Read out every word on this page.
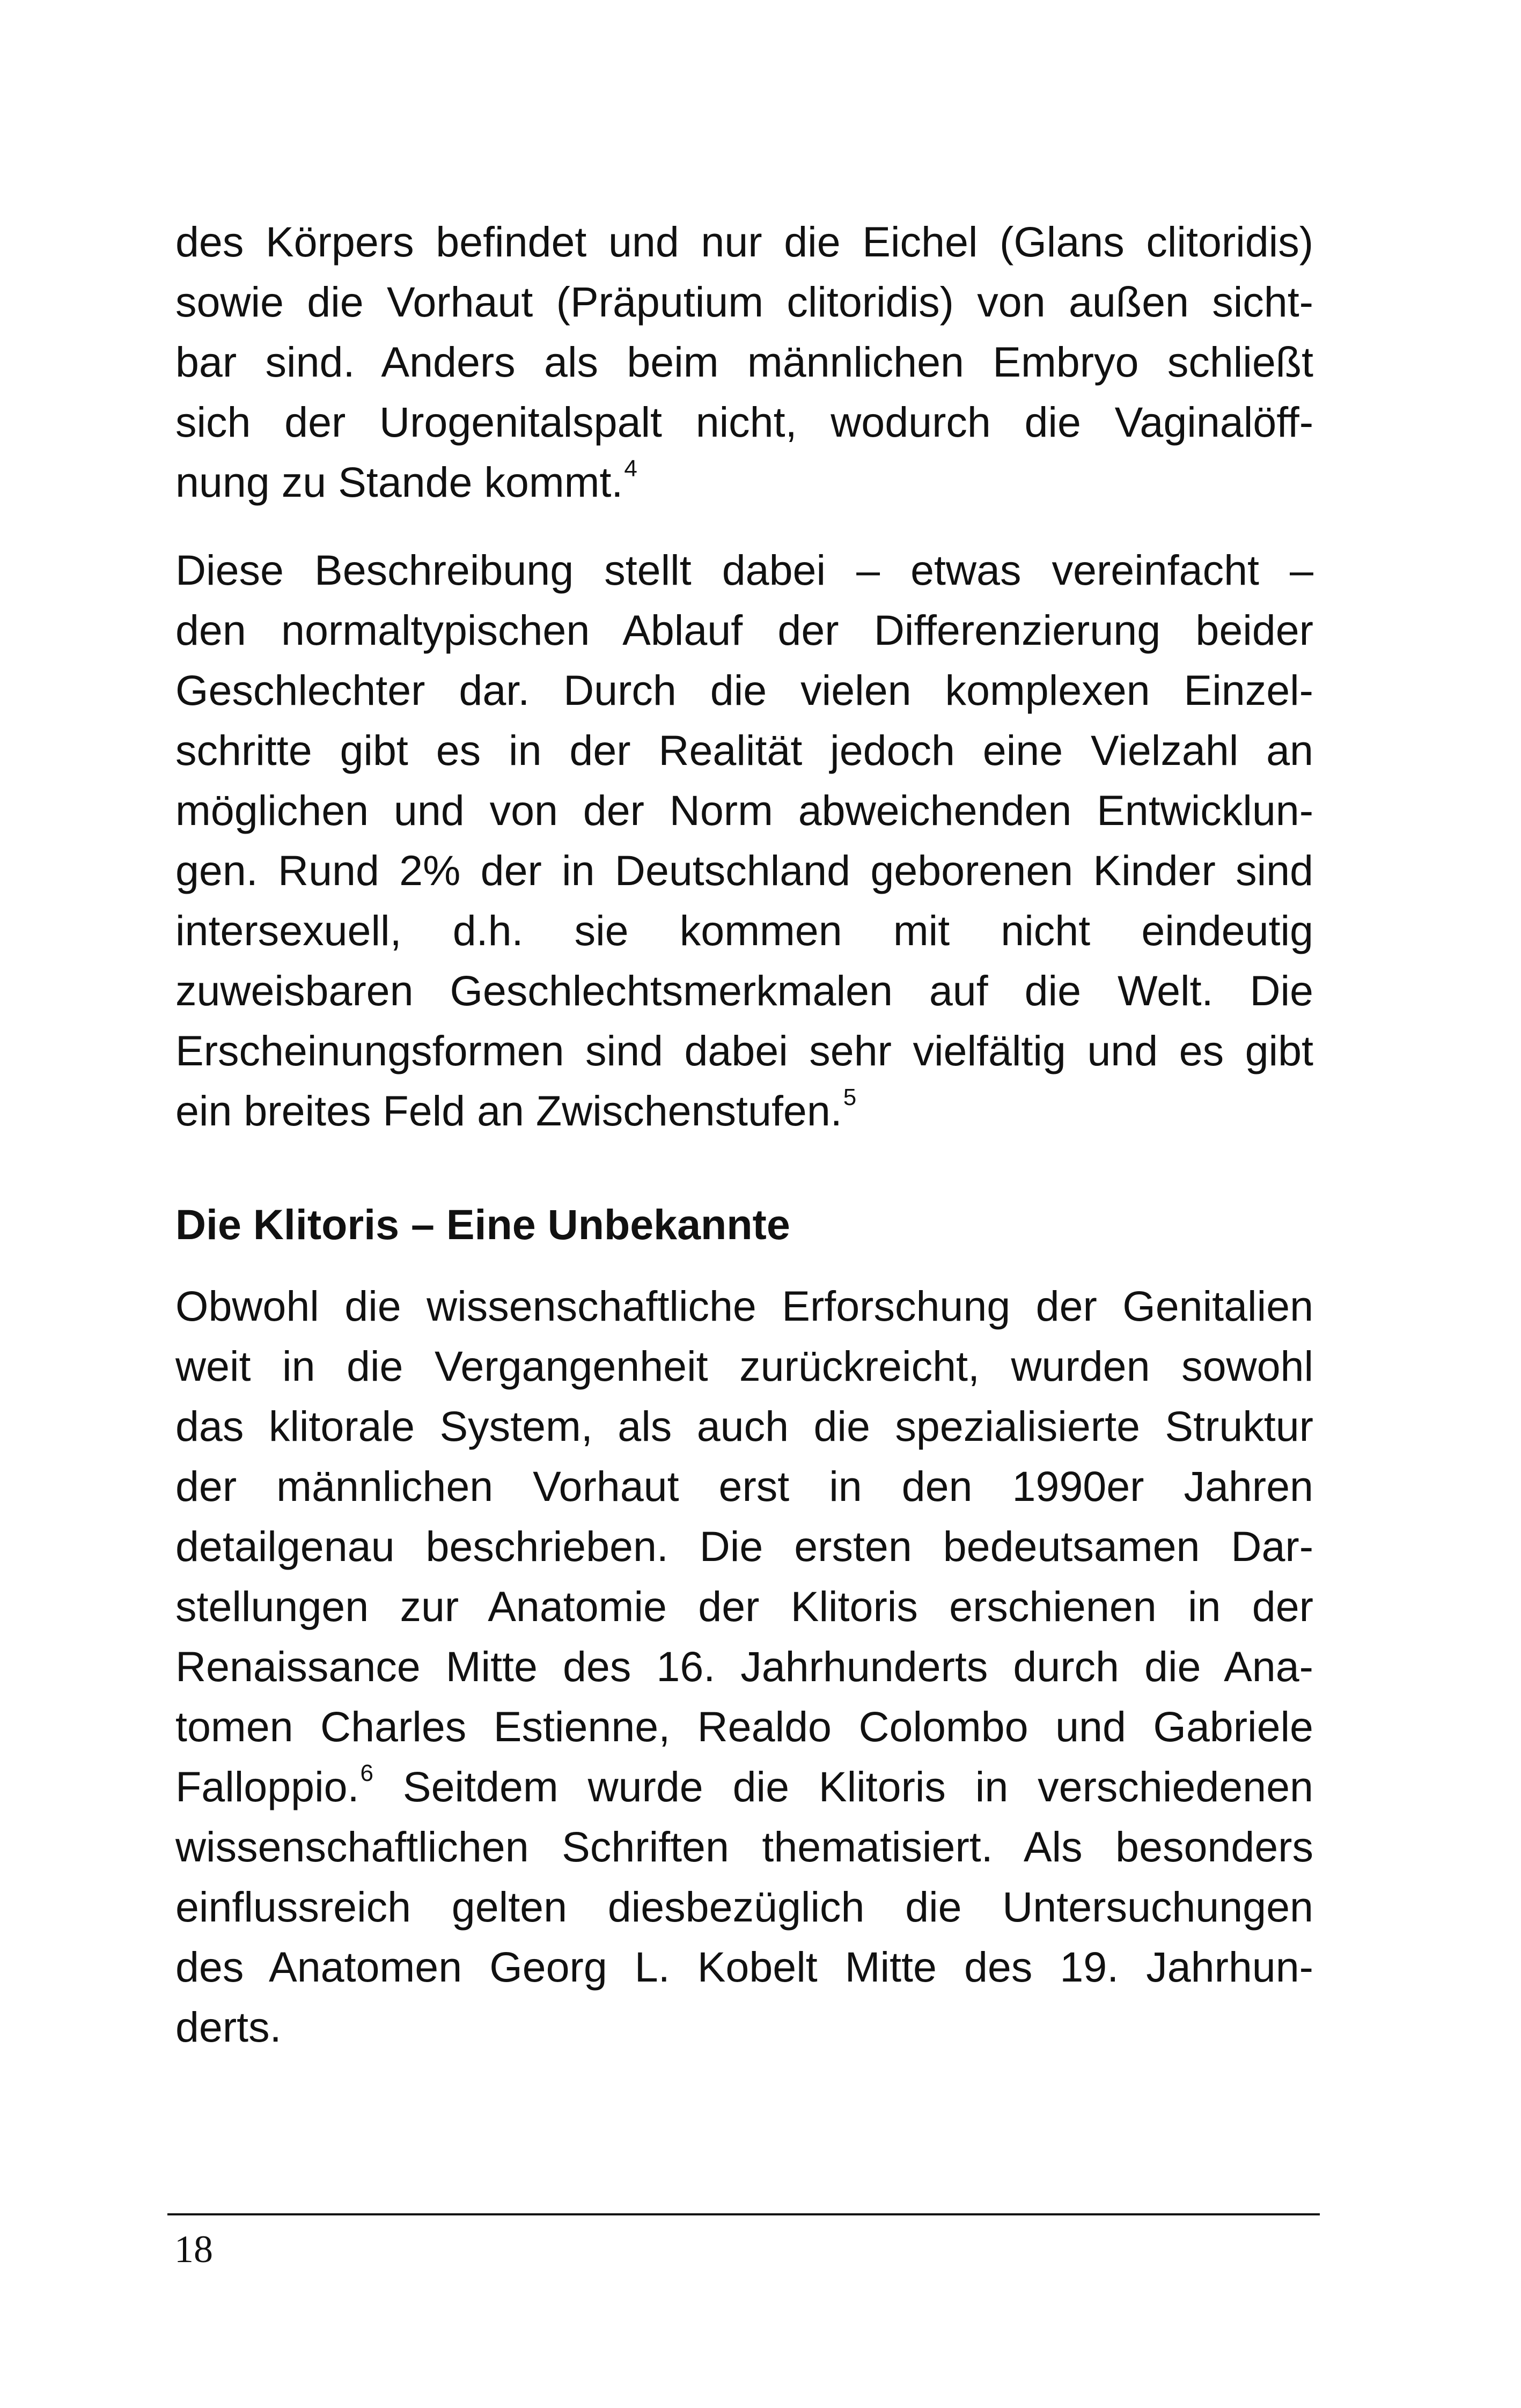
des Körpers befindet und nur die Eichel (Glans clitoridis)
sowie die Vorhaut (Präputium clitoridis) von außen sicht-
bar sind. Anders als beim männlichen Embryo schließt
sich der Urogenitalspalt nicht, wodurch die Vaginalöff-
nung zu Stande kommt.$^4$
Diese Beschreibung stellt dabei – etwas vereinfacht –
den normaltypischen Ablauf der Differenzierung beider
Geschlechter dar. Durch die vielen komplexen Einzel-
schritte gibt es in der Realität jedoch eine Vielzahl an
möglichen und von der Norm abweichenden Entwicklun-
gen. Rund 2% der in Deutschland geborenen Kinder sind
intersexuell, d.h. sie kommen mit nicht eindeutig
zuweisbaren Geschlechtsmerkmalen auf die Welt. Die
Erscheinungsformen sind dabei sehr vielfältig und es gibt
ein breites Feld an Zwischenstufen.$^5$
Die Klitoris – Eine Unbekannte
Obwohl die wissenschaftliche Erforschung der Genitalien
weit in die Vergangenheit zurückreicht, wurden sowohl
das klitorale System, als auch die spezialisierte Struktur
der männlichen Vorhaut erst in den 1990er Jahren
detailgenau beschrieben. Die ersten bedeutsamen Dar-
stellungen zur Anatomie der Klitoris erschienen in der
Renaissance Mitte des 16. Jahrhunderts durch die Ana-
tomen Charles Estienne, Realdo Colombo und Gabriele
Falloppio.$^6$ Seitdem wurde die Klitoris in verschiedenen
wissenschaftlichen Schriften thematisiert. Als besonders
einflussreich gelten diesbezüglich die Untersuchungen
des Anatomen Georg L. Kobelt Mitte des 19. Jahrhun-
derts.
18
